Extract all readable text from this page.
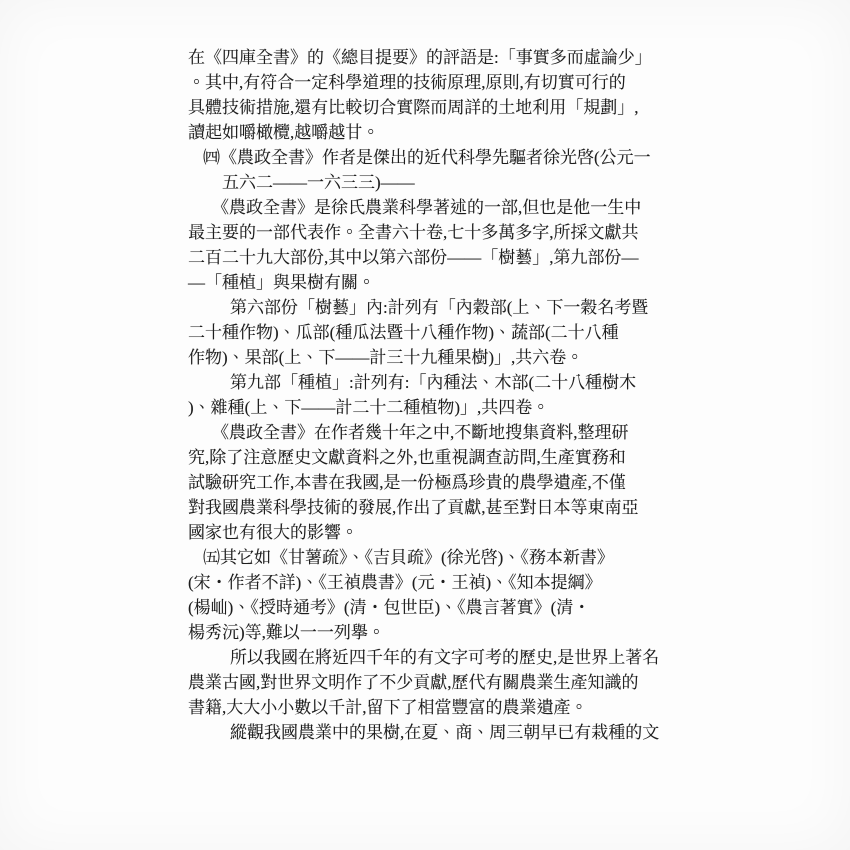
在《四庫全書》的《總目提要》的評語是:「事實多而虛論少」
。其中,有符合一定科學道理的技術原理,原則,有切實可行的
具體技術措施,還有比較切合實際而周詳的土地利用「規劃」,
讀起如嚼橄欖,越嚼越甘。
㈣《農政全書》作者是傑出的近代科學先驅者徐光啓(公元一
五六二——一六三三)——
《農政全書》是徐氏農業科學著述的一部,但也是他一生中
最主要的一部代表作。全書六十卷,七十多萬多字,所採文獻共
二百二十九大部份,其中以第六部份——「樹藝」,第九部份—
—「種植」與果樹有關。
第六部份「樹藝」內:計列有「內穀部(上、下一穀名考暨
二十種作物)、瓜部(種瓜法暨十八種作物)、蔬部(二十八種
作物)、果部(上、下——計三十九種果樹)」,共六卷。
第九部「種植」:計列有:「內種法、木部(二十八種樹木
)、雜種(上、下——計二十二種植物)」,共四卷。
《農政全書》在作者幾十年之中,不斷地搜集資料,整理研
究,除了注意歷史文獻資料之外,也重視調查訪問,生產實務和
試驗研究工作,本書在我國,是一份極爲珍貴的農學遺產,不僅
對我國農業科學技術的發展,作出了貢獻,甚至對日本等東南亞
國家也有很大的影響。
㈤其它如《甘薯疏》、《吉貝疏》(徐光啓)、《務本新書》
(宋・作者不詳)、《王禎農書》(元・王禎)、《知本提綱》
(楊屾)、《授時通考》(清・包世臣)、《農言著實》(清・
楊秀沅)等,難以一一列擧。
所以我國在將近四千年的有文字可考的歷史,是世界上著名
農業古國,對世界文明作了不少貢獻,歷代有關農業生產知識的
書籍,大大小小數以千計,留下了相當豐富的農業遺產。
縱觀我國農業中的果樹,在夏、商、周三朝早已有栽種的文
